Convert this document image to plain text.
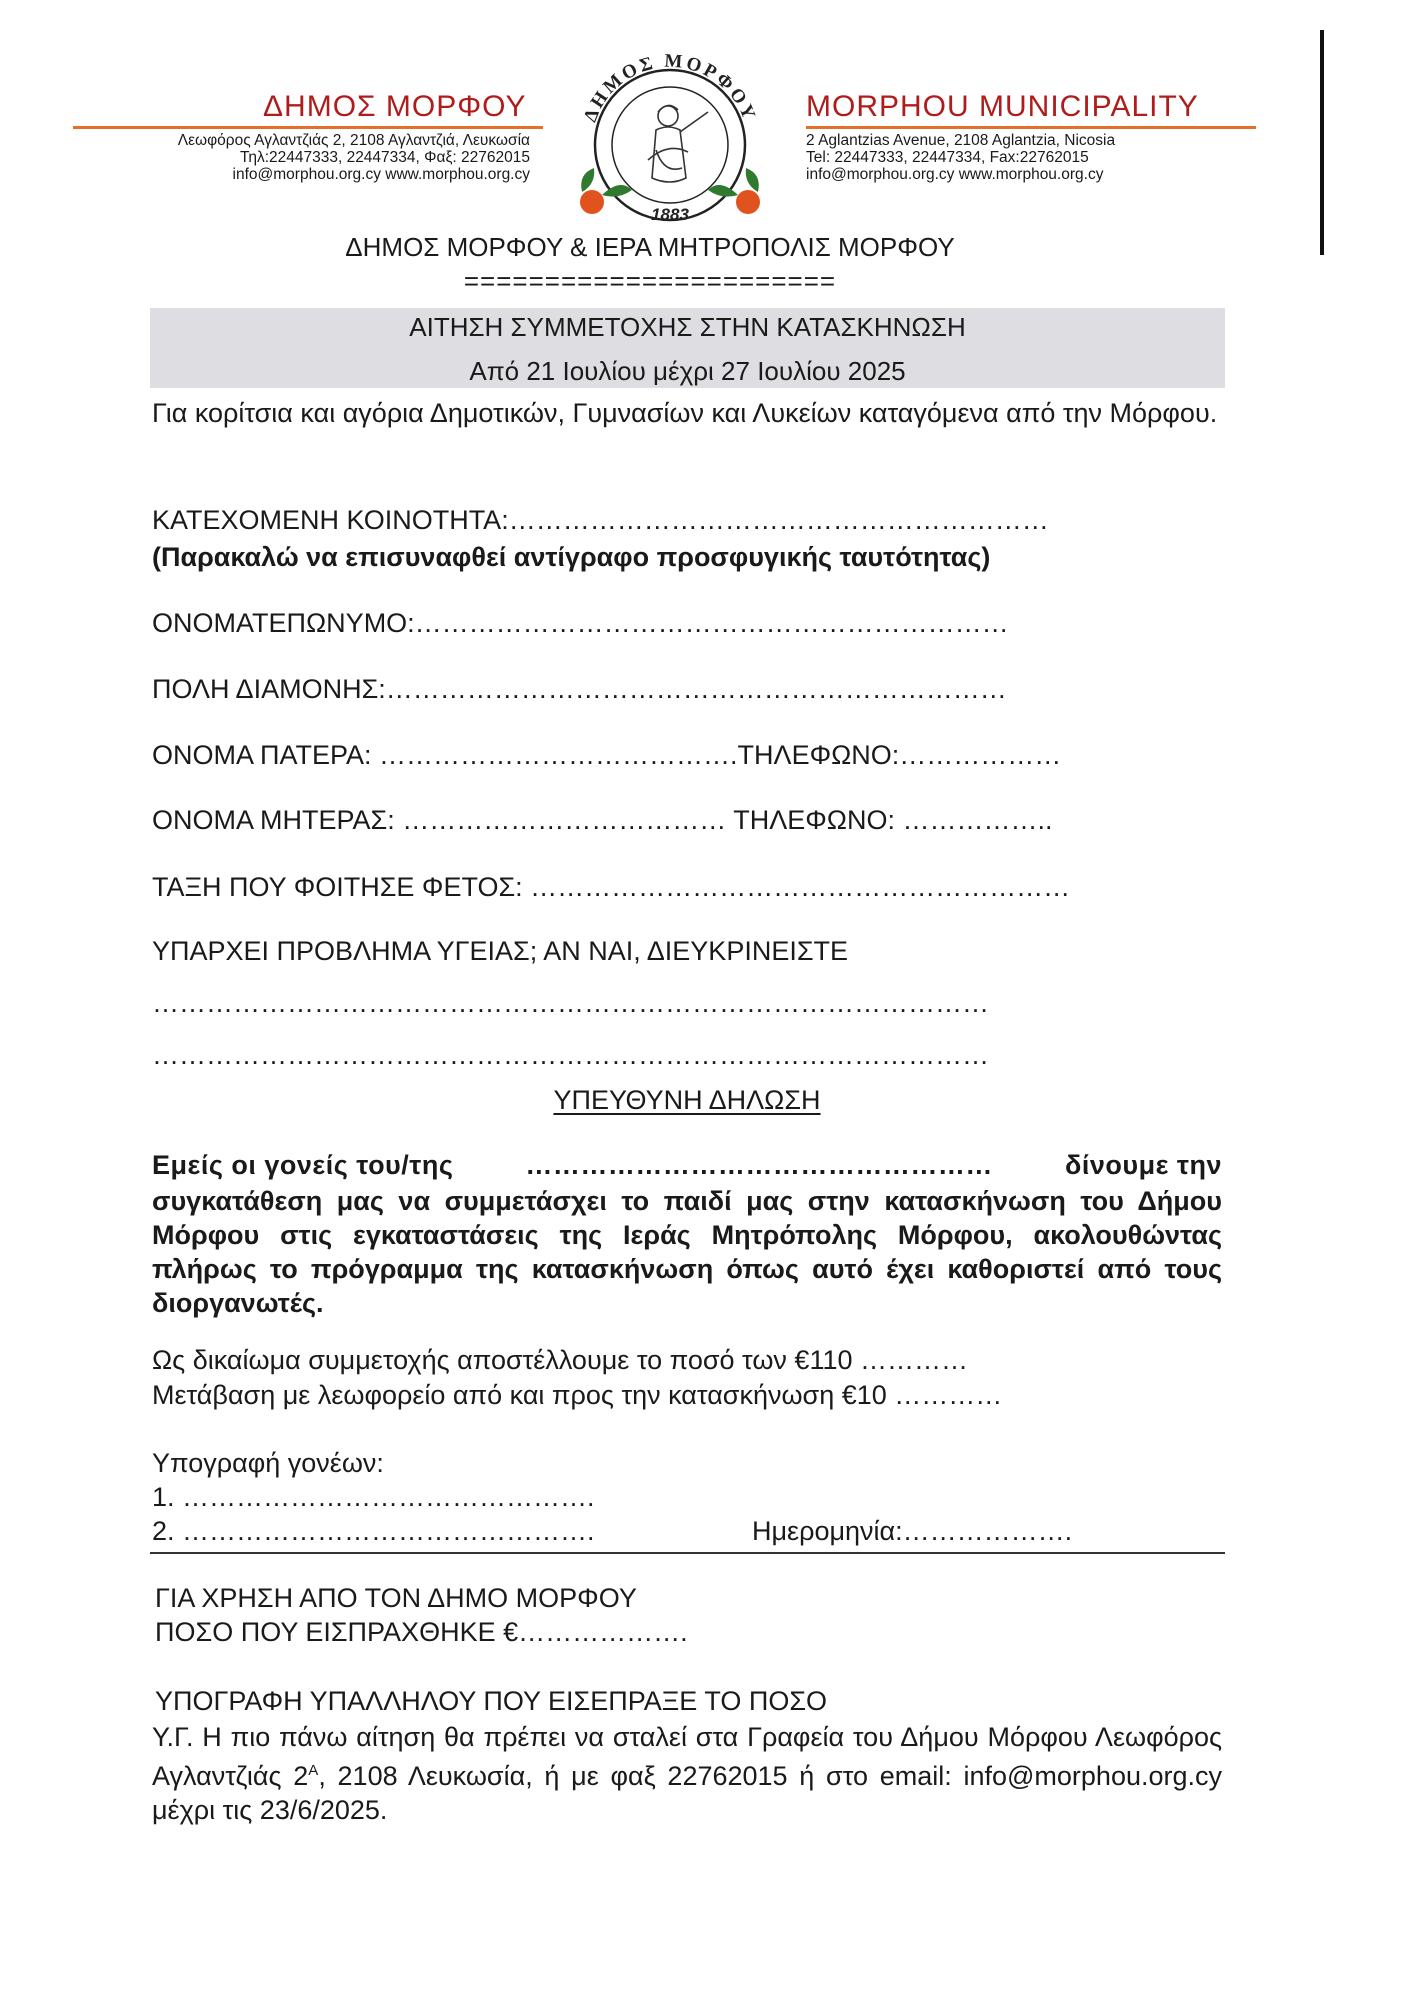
ΔΗΜΟΣ ΜΟΡΦΟΥ
Λεωφόρος Αγλαντζιάς 2, 2108 Αγλαντζιά, Λευκωσία
Τηλ:22447333, 22447334, Φαξ: 22762015
info@morphou.org.cy www.morphou.org.cy
MORPHOU MUNICIPALITY
2 Aglantzias Avenue, 2108 Aglantzia, Nicosia
Tel: 22447333, 22447334, Fax:22762015
info@morphou.org.cy www.morphou.org.cy
ΔΗΜΟΣ ΜΟΡΦΟΥ
1883
ΔΗΜΟΣ ΜΟΡΦΟΥ & ΙΕΡΑ ΜΗΤΡΟΠΟΛΙΣ ΜΟΡΦΟΥ
=======================
ΑΙΤΗΣΗ ΣΥΜΜΕΤΟΧΗΣ ΣΤΗΝ ΚΑΤΑΣΚΗΝΩΣΗ
Από 21 Ιουλίου μέχρι 27 Ιουλίου 2025
Για κορίτσια και αγόρια Δημοτικών, Γυμνασίων και Λυκείων καταγόμενα από την Μόρφου.
ΚΑΤΕΧΟΜΕΝΗ ΚΟΙΝΟΤΗΤΑ:……………………………………………………
(Παρακαλώ να επισυναφθεί αντίγραφο προσφυγικής ταυτότητας)
ΟΝΟΜΑΤΕΠΩΝΥΜΟ:…………………………………………………………
ΠΟΛΗ ΔΙΑΜΟΝΗΣ:……………………………………………………………
ΟΝΟΜΑ ΠΑΤΕΡΑ: ………………………………….ΤΗΛΕΦΩΝΟ:………………
ΟΝΟΜΑ ΜΗΤΕΡΑΣ: ……………………………… ΤΗΛΕΦΩΝΟ: ……………..
ΤΑΞΗ ΠΟΥ ΦΟΙΤΗΣΕ ΦΕΤΟΣ: ……………………………………………………
ΥΠΑΡΧΕΙ ΠΡΟΒΛΗΜΑ ΥΓΕΙΑΣ; ΑΝ ΝΑΙ, ΔΙΕΥΚΡΙΝΕΙΣΤΕ
…………………………………………………………………………………
…………………………………………………………………………………
ΥΠΕΥΘΥΝΗ ΔΗΛΩΣΗ
Εμείς οι γονείς του/της	……………………………………………	δίνουμε την
συγκατάθεση μας να συμμετάσχει το παιδί μας στην κατασκήνωση του Δήμου Μόρφου στις εγκαταστάσεις της Ιεράς Μητρόπολης Μόρφου, ακολουθώντας πλήρως το πρόγραμμα της κατασκήνωση όπως αυτό έχει καθοριστεί από τους διοργανωτές.
Ως δικαίωμα συμμετοχής αποστέλλουμε το ποσό των €110 …………
Μετάβαση με λεωφορείο από και προς την κατασκήνωση €10 …………
Υπογραφή γονέων:
1. ……………………………………….
2. ……………………………………….	Ημερομηνία:……………….
ΓΙΑ ΧΡΗΣΗ ΑΠΟ ΤΟΝ ΔΗΜΟ ΜΟΡΦΟΥ
ΠΟΣΟ ΠΟΥ ΕΙΣΠΡΑΧΘΗΚΕ €……………….
ΥΠΟΓΡΑΦΗ ΥΠΑΛΛΗΛΟΥ ΠΟΥ ΕΙΣΕΠΡΑΞΕ ΤΟ ΠΟΣΟ
Υ.Γ. Η πιο πάνω αίτηση θα πρέπει να σταλεί στα Γραφεία του Δήμου Μόρφου Λεωφόρος Αγλαντζιάς $2^A$, 2108 Λευκωσία, ή με φαξ 22762015 ή στο email: info@morphou.org.cy μέχρι τις 23/6/2025.
